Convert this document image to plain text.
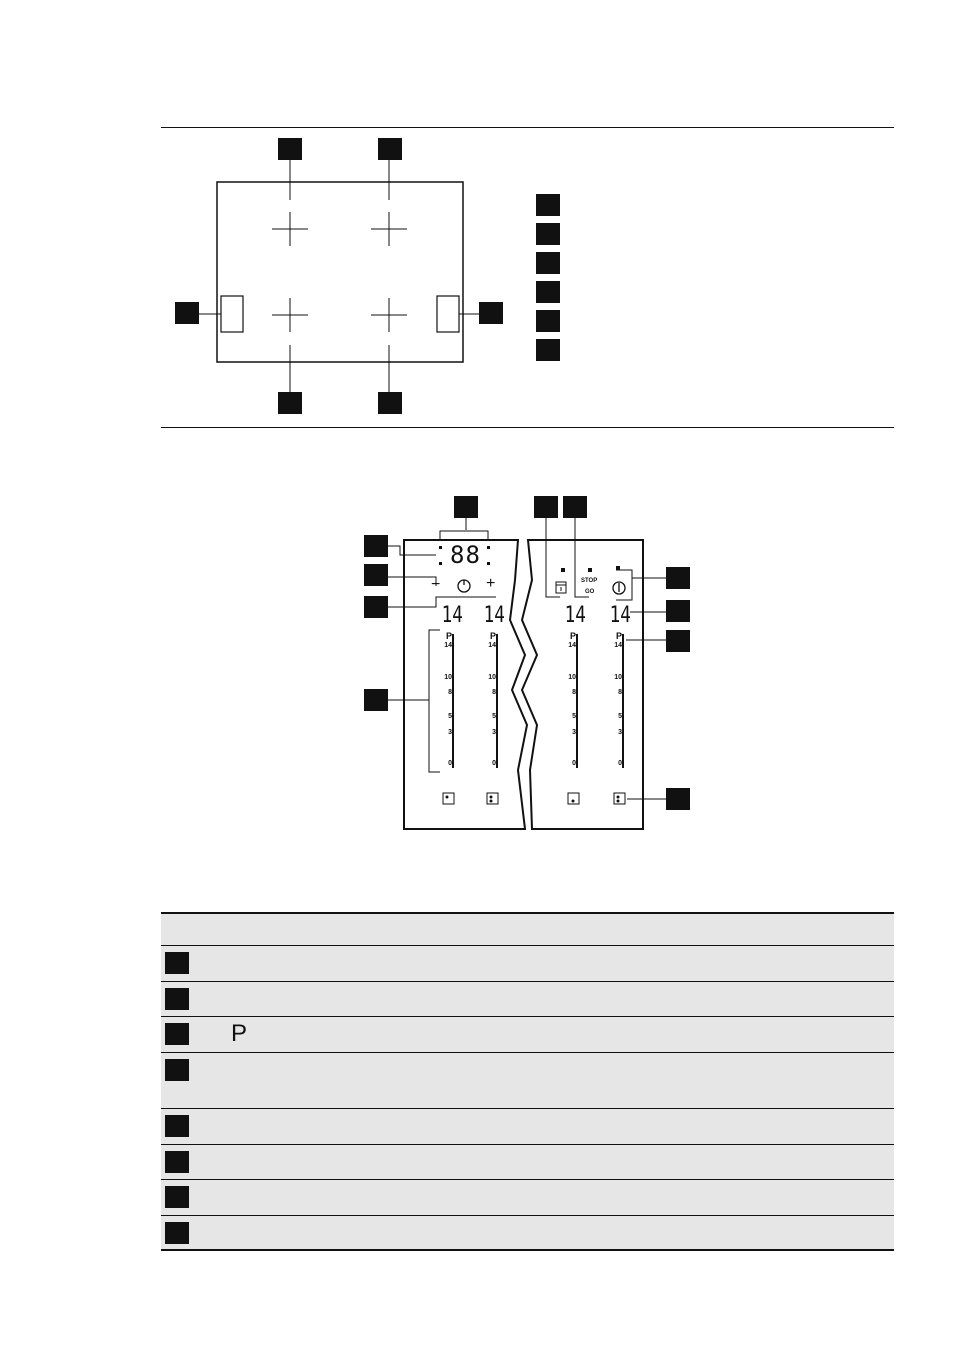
88
−	+
14 14	14 14
STOP
GO
P
14
10
8
5
3
0
P
14
10
8
5
3
0
P
14
10
8
5
3
0
P
14
10
8
5
3
0
P
